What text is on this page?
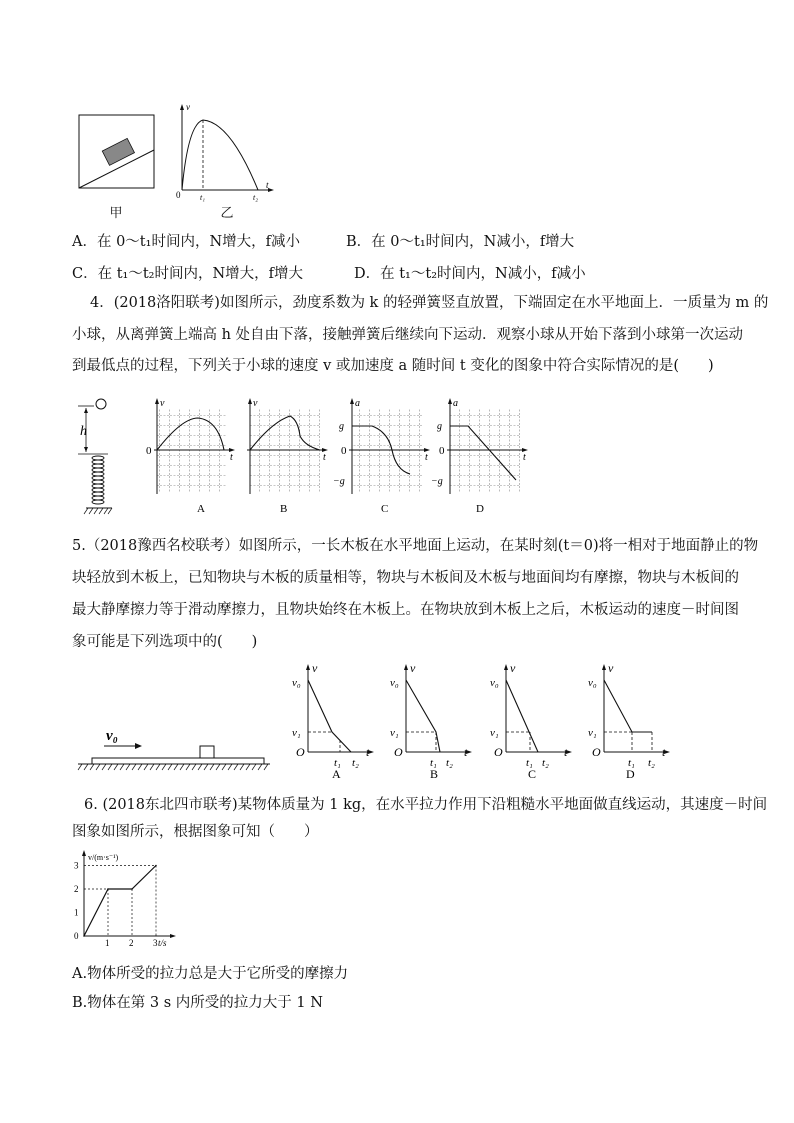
v
t
0 t₁	t₂
甲	乙
A．在 0～t₁时间内，N增大，f减小	B．在 0～t₁时间内，N减小，f增大
C．在 t₁～t₂时间内，N增大，f增大	D．在 t₁～t₂时间内，N减小，f减小
4．(2018洛阳联考)如图所示，劲度系数为 k 的轻弹簧竖直放置，下端固定在水平地面上．一质量为 m 的
小球，从离弹簧上端高 h 处自由下落，接触弹簧后继续向下运动．观察小球从开始下落到小球第一次运动
到最低点的过程，下列关于小球的速度 v 或加速度 a 随时间 t 变化的图象中符合实际情况的是(　　)
h
v
t
0
A
v
t
B
a
t
g
0
−g
C
a
t
g
0
−g
D
5.（2018豫西名校联考）如图所示，一长木板在水平地面上运动，在某时刻(t＝0)将一相对于地面静止的物
块轻放到木板上，已知物块与木板的质量相等，物块与木板间及木板与地面间均有摩擦，物块与木板间的
最大静摩擦力等于滑动摩擦力，且物块始终在木板上。在物块放到木板上之后，木板运动的速度－时间图
象可能是下列选项中的(　　)
v₀
v
v₀
v₁
O	t
t₁ t₂
A
v
v₀
v₁
O	t
t₁ t₂
B
v
v₀
v₁
O	t
t₁ t₂
C
v
v₀
v₁
O	t
t₁ t₂
D
6. (2018东北四市联考)某物体质量为 1 kg，在水平拉力作用下沿粗糙水平地面做直线运动，其速度－时间
图象如图所示，根据图象可知（　　）
v/(m·s⁻¹)
t/s
0
1
2
3
1 2 3
A.物体所受的拉力总是大于它所受的摩擦力
B.物体在第 3 s 内所受的拉力大于 1 N
